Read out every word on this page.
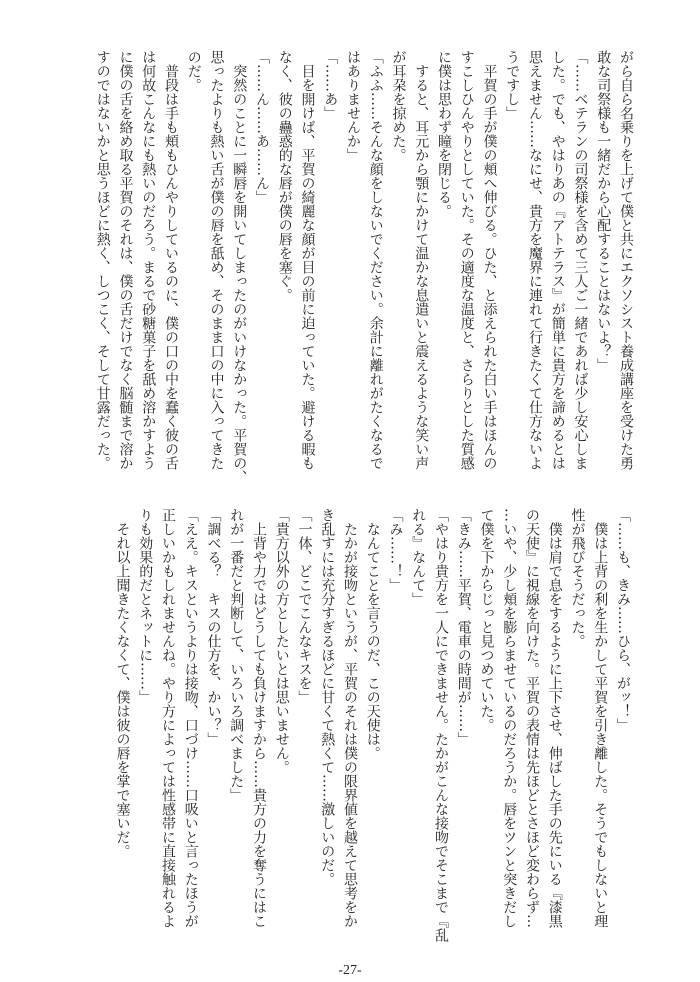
がら自ら名乗りを上げて僕と共にエクソシスト養成講座を受けた勇
敢な司祭様も一緒だから心配することはないよ？」
「……ベテランの司祭様を含めて三人ご一緒であれば少し安心しま
した。でも、やはりあの『アトテラス』が簡単に貴方を諦めるとは
思えません……なにせ、貴方を魔界に連れて行きたくて仕方ないよ
うですし」
　平賀の手が僕の頬へ伸びる。ひた、と添えられた白い手はほんの
すこしひんやりとしていた。その適度な温度と、さらりとした質感
に僕は思わず瞳を閉じる。
　すると、耳元から顎にかけて温かな息遣いと震えるような笑い声
が耳朶を掠めた。
「ふふ……そんな顔をしないでください。余計に離れがたくなるで
はありませんか」
「……あ」
　目を開けば、平賀の綺麗な顔が目の前に迫っていた。避ける暇も
なく、彼の蠱惑的な唇が僕の唇を塞ぐ。
「……ん……あ……ん」
　突然のことに一瞬唇を開いてしまったのがいけなかった。平賀の、
思ったよりも熱い舌が僕の唇を舐め、そのまま口の中に入ってきた
のだ。
　普段は手も頬もひんやりしているのに、僕の口の中を蠢く彼の舌
は何故こんなにも熱いのだろう。まるで砂糖菓子を舐め溶かすよう
に僕の舌を絡め取る平賀のそれは、僕の舌だけでなく脳髄まで溶か
すのではないかと思うほどに熱く、しつこく、そして甘露だった。
「……も、きみ……ひら、がッ！」
　僕は上背の利を生かして平賀を引き離した。そうでもしないと理
性が飛びそうだった。
　僕は肩で息をするように上下させ、伸ばした手の先にいる『漆黒
の天使』に視線を向けた。平賀の表情は先ほどとさほど変わらず…
…いや、少し頬を膨らませているのだろうか。唇をツンと突きだし
て僕を下からじっと見つめていた。
「きみ……平賀、電車の時間が……」
「やはり貴方を一人にできません。たかがこんな接吻でそこまで『乱
れる』なんて」
「み……！」
　なんてことを言うのだ、この天使は。
　たかが接吻というが、平賀のそれは僕の限界値を越えて思考をか
き乱すには充分すぎるほどに甘くて熱くて……激しいのだ。
「一体、どこでこんなキスを」
「貴方以外の方としたいとは思いません。
　上背や力ではどうしても負けますから……貴方の力を奪うにはこ
れが一番だと判断して、いろいろ調べました」
「調べる？　キスの仕方を、かい？」
「ええ。キスというよりは接吻、口づけ……口吸いと言ったほうが
正しいかもしれませんね。やり方によっては性感帯に直接触れるよ
りも効果的だとネットに……」
　それ以上聞きたくなくて、僕は彼の唇を掌で塞いだ。
-27-
